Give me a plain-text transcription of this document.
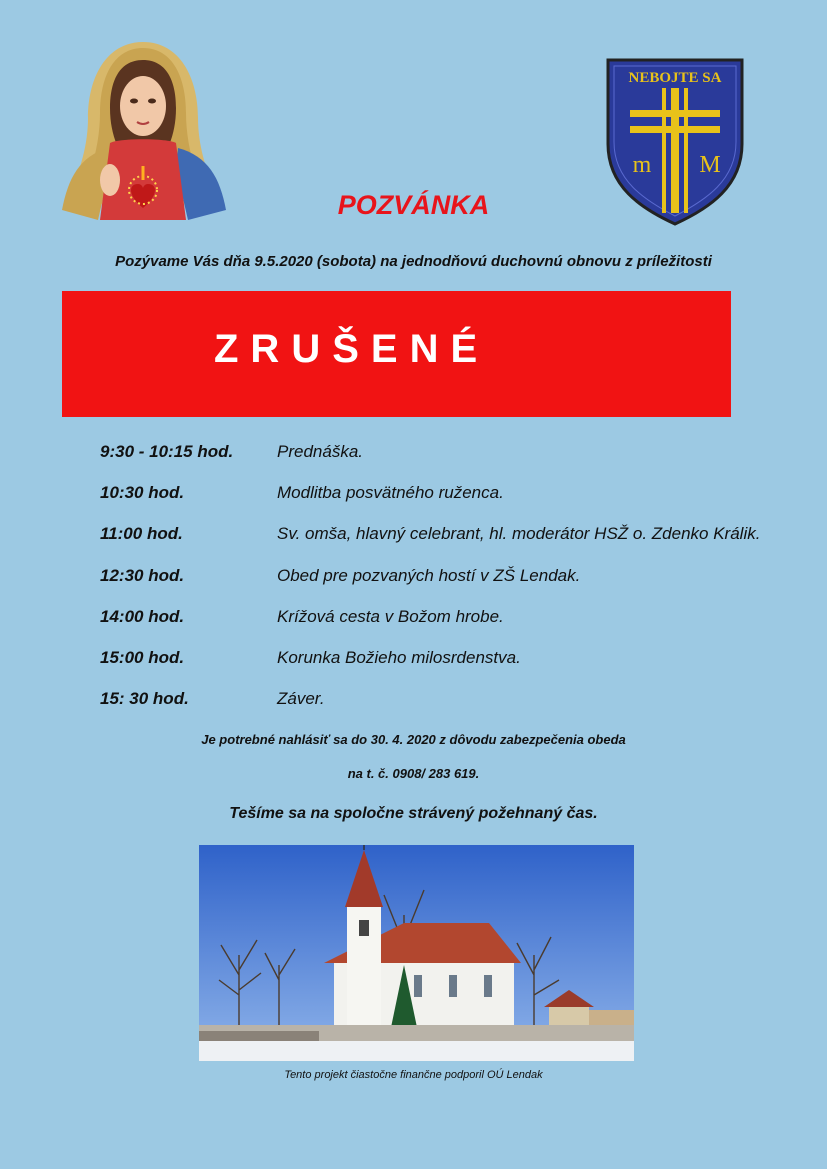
NEBOJTE SA
m M
POZVÁNKA
Pozývame Vás dňa 9.5.2020 (sobota) na jednodňovú duchovnú obnovu z príležitosti
ZRUŠENÉ
9:30 - 10:15 hod.	Prednáška.
10:30 hod.	Modlitba posvätného ruženca.
11:00 hod.	Sv. omša, hlavný celebrant, hl. moderátor HSŽ o. Zdenko Králik.
12:30 hod.	Obed pre pozvaných hostí v ZŠ Lendak.
14:00 hod.	Krížová cesta v Božom hrobe.
15:00 hod.	Korunka Božieho milosrdenstva.
15: 30 hod.	Záver.
Je potrebné nahlásiť sa do 30. 4. 2020 z dôvodu zabezpečenia obeda
na t. č. 0908/ 283 619.
Tešíme sa na spoločne strávený požehnaný čas.
Tento projekt čiastočne finančne podporil OÚ Lendak
